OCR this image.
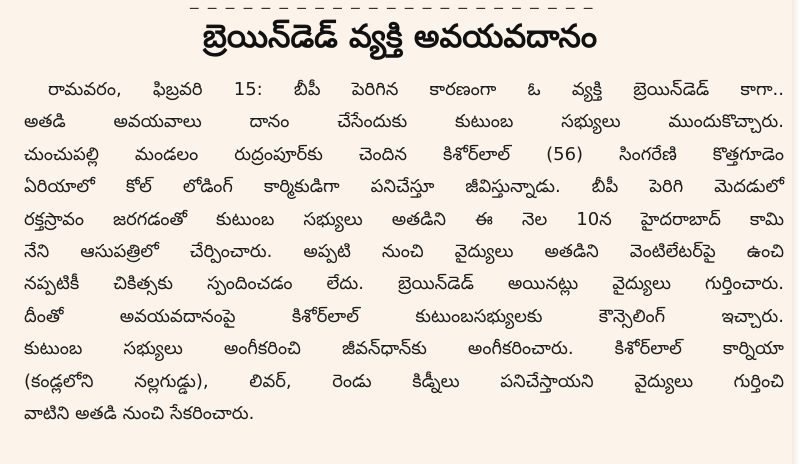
_ _ _ _ _ _ _ _ _ _ _ _ _ _ _ _ _ _ _ _ _ _ _
బ్రెయిన్‌డెడ్ వ్యక్తి అవయవదానం
రామవరం, ఫిబ్రవరి 15: బీపీ పెరిగిన కారణంగా ఓ వ్యక్తి బ్రెయిన్‌డెడ్ కాగా..
అతడి అవయవాలు దానం చేసేందుకు కుటుంబ సభ్యులు ముందుకొచ్చారు.
చుంచుపల్లి మండలం రుద్రంపూర్‌కు చెందిన కిశోర్‌లాల్ (56) సింగరేణి కొత్తగూడెం
ఏరియాలో కోల్ లోడింగ్ కార్మికుడిగా పనిచేస్తూ జీవిస్తున్నాడు. బీపీ పెరిగి మెదడులో
రక్తస్రావం జరగడంతో కుటుంబ సభ్యులు అతడిని ఈ నెల 10న హైదరాబాద్ కామి
నేని ఆసుపత్రిలో చేర్పించారు. అప్పటి నుంచి వైద్యులు అతడిని వెంటిలేటర్‌పై ఉంచి
నప్పటికీ చికిత్సకు స్పందించడం లేదు. బ్రెయిన్‌డెడ్ అయినట్లు వైద్యులు గుర్తించారు.
దీంతో అవయవదానంపై కిశోర్‌లాల్ కుటుంబసభ్యులకు కౌన్సెలింగ్ ఇచ్చారు.
కుటుంబ సభ్యులు అంగీకరించి జీవన్‌ధాన్‌కు అంగీకరించారు. కిశోర్‌లాల్ కార్నియా
(కండ్లలోని నల్లగుడ్డు), లివర్, రెండు కిడ్నీలు పనిచేస్తాయని వైద్యులు గుర్తించి
వాటిని అతడి నుంచి సేకరించారు.
